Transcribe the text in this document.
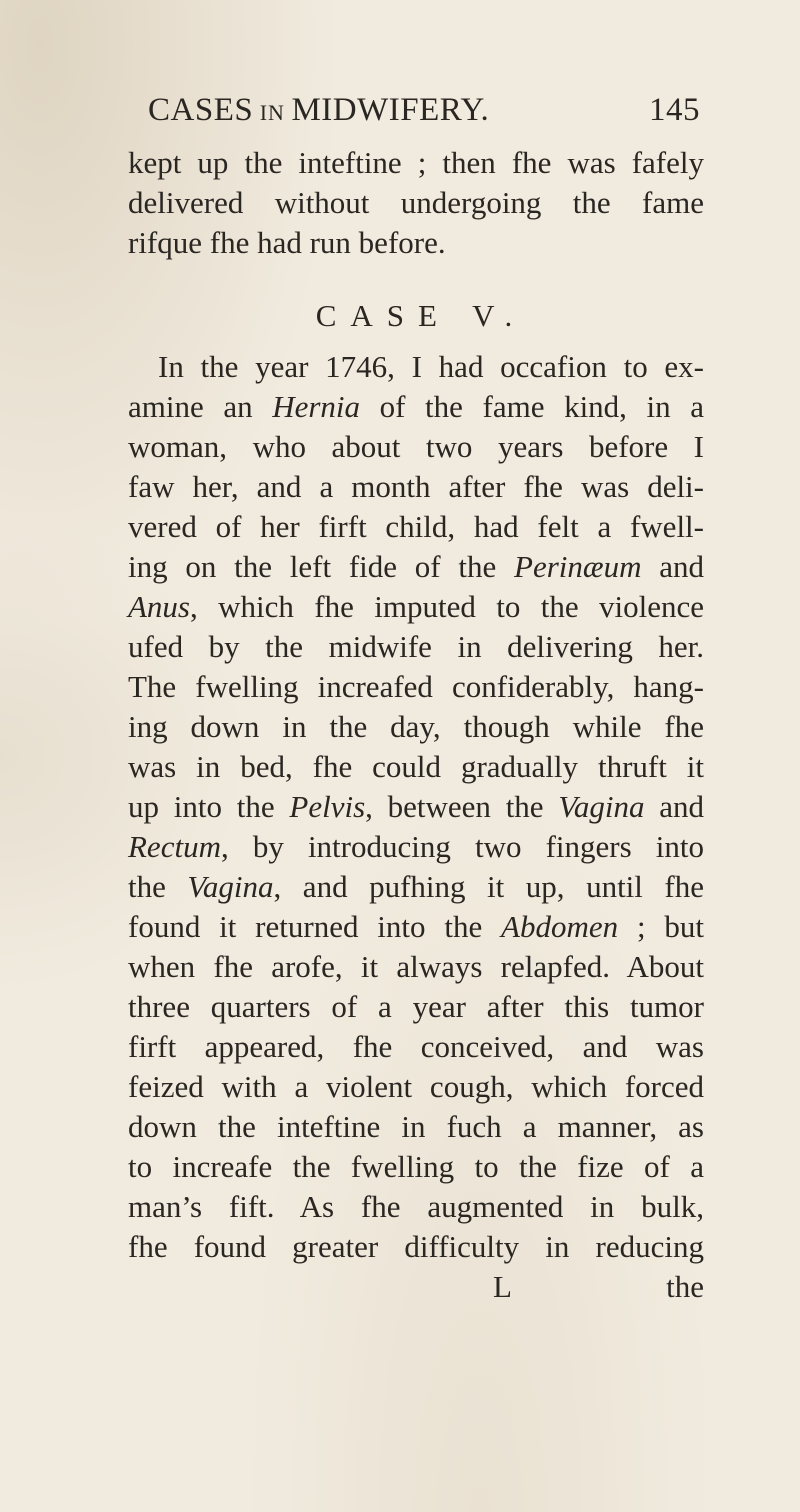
CASES IN MIDWIFERY.	145
kept up the inteftine ; then fhe was fafely
delivered without undergoing the fame
rifque fhe had run before.
CASE V.
In the year 1746, I had occafion to ex-
amine an Hernia of the fame kind, in a
woman, who about two years before I
faw her, and a month after fhe was deli-
vered of her firft child, had felt a fwell-
ing on the left fide of the Perinæum and
Anus, which fhe imputed to the violence
ufed by the midwife in delivering her.
The fwelling increafed confiderably, hang-
ing down in the day, though while fhe
was in bed, fhe could gradually thruft it
up into the Pelvis, between the Vagina and
Rectum, by introducing two fingers into
the Vagina, and pufhing it up, until fhe
found it returned into the Abdomen ; but
when fhe arofe, it always relapfed. About
three quarters of a year after this tumor
firft appeared, fhe conceived, and was
feized with a violent cough, which forced
down the inteftine in fuch a manner, as
to increafe the fwelling to the fize of a
man’s fift. As fhe augmented in bulk,
fhe found greater difficulty in reducing
L	the
